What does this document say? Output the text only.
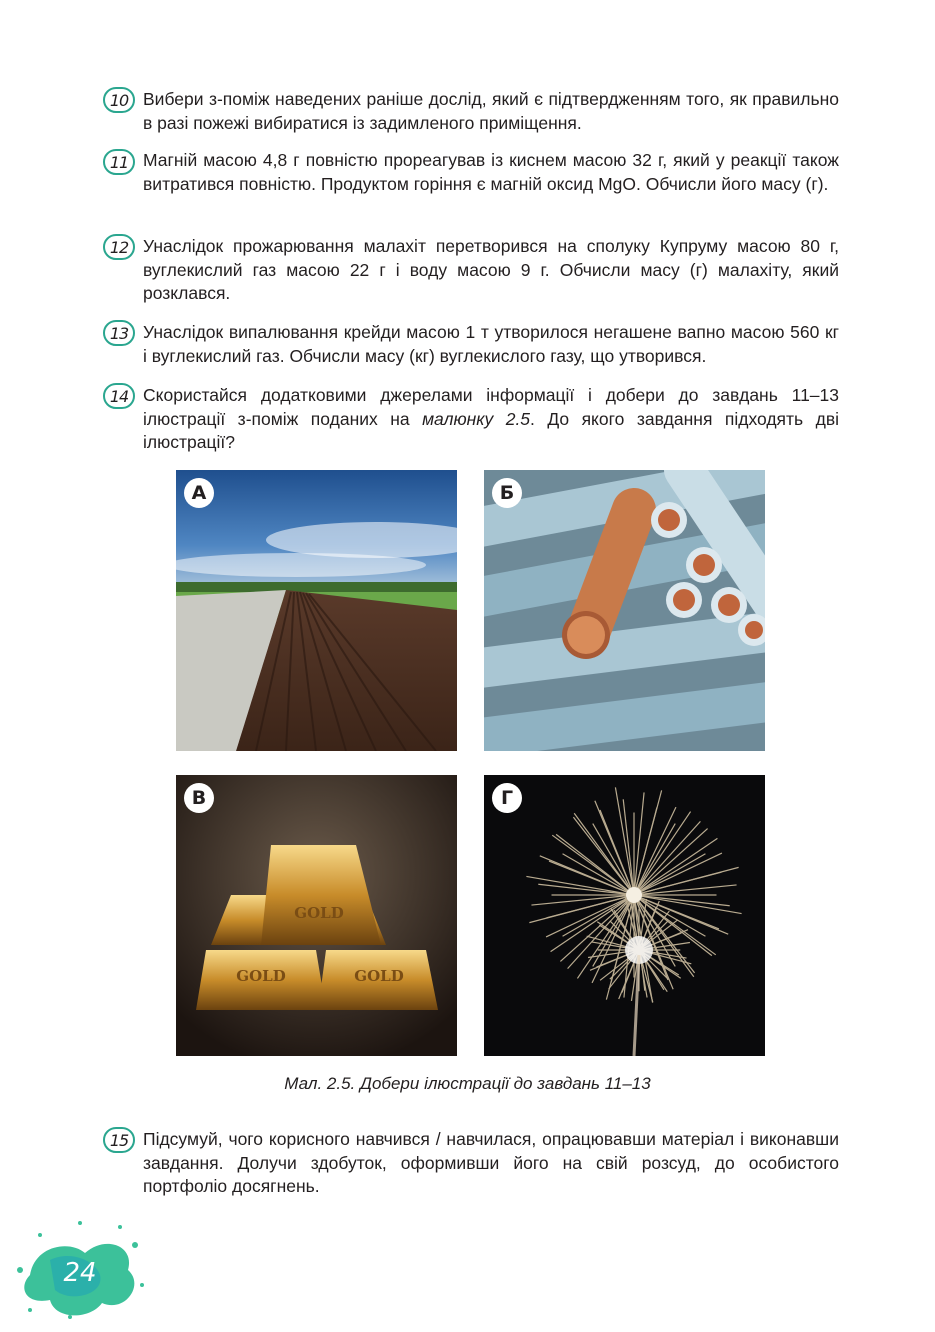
10 Вибери з-поміж наведених раніше дослід, який є підтвердженням того, як правильно в разі пожежі вибиратися із задимленого приміщення.
11 Магній масою 4,8 г повністю прореагував із киснем масою 32 г, який у реакції також витратився повністю. Продуктом горіння є магній оксид MgO. Обчисли його масу (г).
12 Унаслідок прожарювання малахіт перетворився на сполуку Купруму масою 80 г, вуглекислий газ масою 22 г і воду масою 9 г. Обчисли масу (г) малахіту, який розклався.
13 Унаслідок випалювання крейди масою 1 т утворилося негашене вапно масою 560 кг і вуглекислий газ. Обчисли масу (кг) вуглекислого газу, що утворився.
14 Скористайся додатковими джерелами інформації і добери до завдань 11–13 ілюстрації з-поміж поданих на малюнку 2.5. До якого завдання підходять дві ілюстрації?
А	Б
GOLD
GOLD	GOLD
В	Г
Мал. 2.5. Добери ілюстрації до завдань 11–13
15 Підсумуй, чого корисного навчився / навчилася, опрацювавши матеріал і виконавши завдання. Долучи здобуток, оформивши його на свій розсуд, до особистого портфоліо досягнень.
24
